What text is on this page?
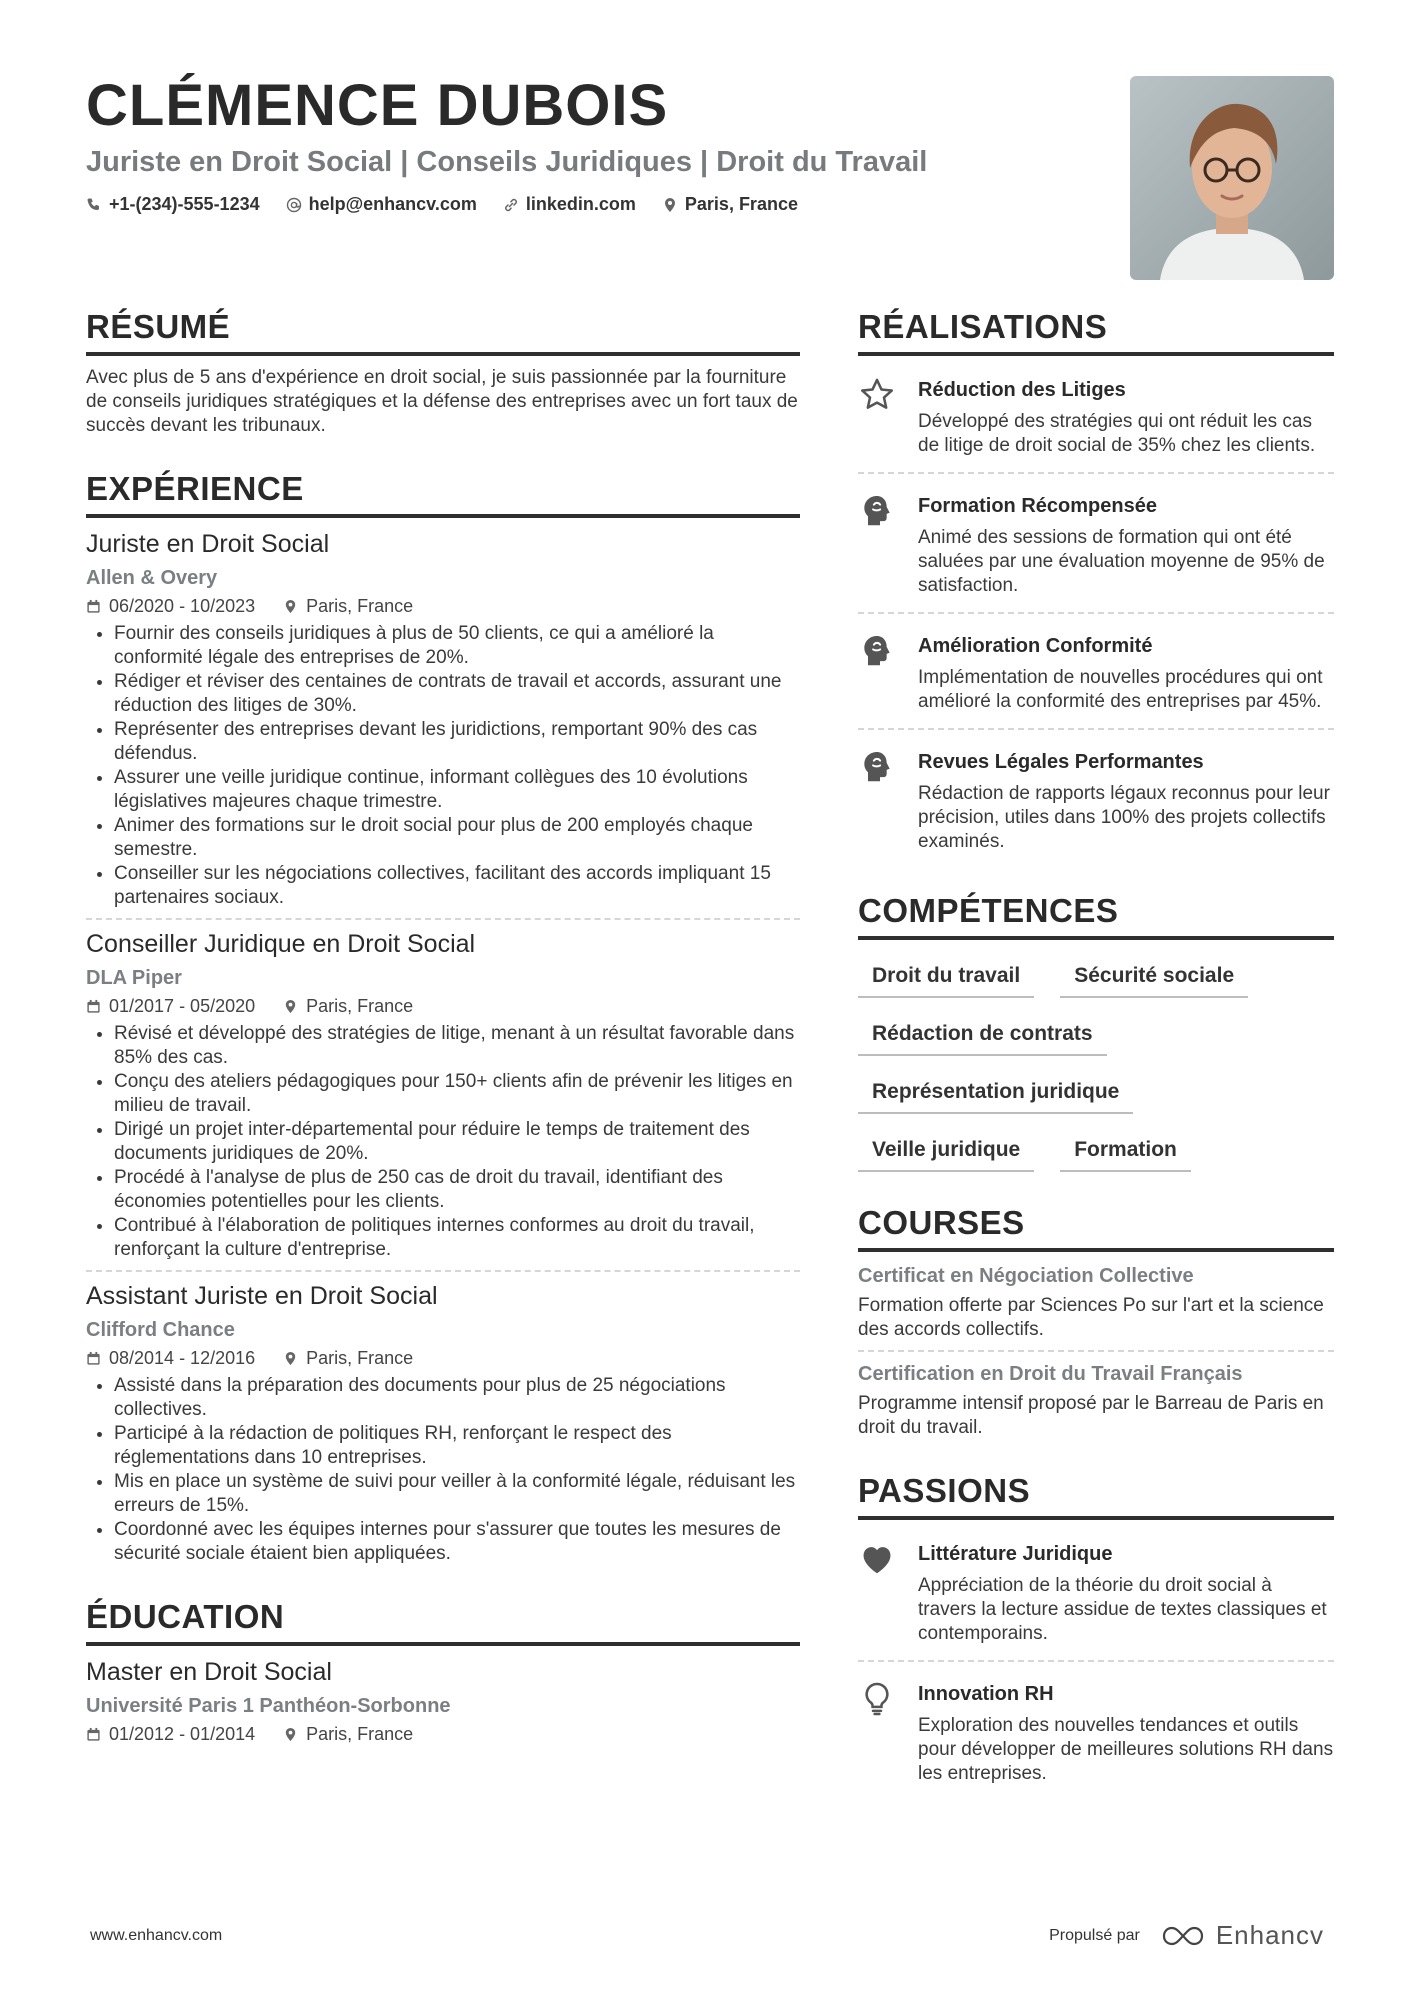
CLÉMENCE DUBOIS
Juriste en Droit Social | Conseils Juridiques | Droit du Travail
+1-(234)-555-1234	help@enhancv.com	linkedin.com	Paris, France
RÉSUMÉ

Avec plus de 5 ans d'expérience en droit social, je suis passionnée par la fourniture de conseils juridiques stratégiques et la défense des entreprises avec un fort taux de succès devant les tribunaux.

EXPÉRIENCE
Juriste en Droit Social
Allen & Overy
06/2020 - 10/2023	Paris, France
• Fournir des conseils juridiques à plus de 50 clients, ce qui a amélioré la conformité légale des entreprises de 20%.
• Rédiger et réviser des centaines de contrats de travail et accords, assurant une réduction des litiges de 30%.
• Représenter des entreprises devant les juridictions, remportant 90% des cas défendus.
• Assurer une veille juridique continue, informant collègues des 10 évolutions législatives majeures chaque trimestre.
• Animer des formations sur le droit social pour plus de 200 employés chaque semestre.
• Conseiller sur les négociations collectives, facilitant des accords impliquant 15 partenaires sociaux.
Conseiller Juridique en Droit Social
DLA Piper
01/2017 - 05/2020	Paris, France
• Révisé et développé des stratégies de litige, menant à un résultat favorable dans 85% des cas.
• Conçu des ateliers pédagogiques pour 150+ clients afin de prévenir les litiges en milieu de travail.
• Dirigé un projet inter-départemental pour réduire le temps de traitement des documents juridiques de 20%.
• Procédé à l'analyse de plus de 250 cas de droit du travail, identifiant des économies potentielles pour les clients.
• Contribué à l'élaboration de politiques internes conformes au droit du travail, renforçant la culture d'entreprise.
Assistant Juriste en Droit Social
Clifford Chance
08/2014 - 12/2016	Paris, France
• Assisté dans la préparation des documents pour plus de 25 négociations collectives.
• Participé à la rédaction de politiques RH, renforçant le respect des réglementations dans 10 entreprises.
• Mis en place un système de suivi pour veiller à la conformité légale, réduisant les erreurs de 15%.
• Coordonné avec les équipes internes pour s'assurer que toutes les mesures de sécurité sociale étaient bien appliquées.
ÉDUCATION
Master en Droit Social
Université Paris 1 Panthéon-Sorbonne
01/2012 - 01/2014	Paris, France
RÉALISATIONS
Réduction des Litiges
Développé des stratégies qui ont réduit les cas de litige de droit social de 35% chez les clients.
Formation Récompensée
Animé des sessions de formation qui ont été saluées par une évaluation moyenne de 95% de satisfaction.
Amélioration Conformité
Implémentation de nouvelles procédures qui ont amélioré la conformité des entreprises par 45%.
Revues Légales Performantes
Rédaction de rapports légaux reconnus pour leur précision, utiles dans 100% des projets collectifs examinés.
COMPÉTENCES
Droit du travail	Sécurité sociale
Rédaction de contrats
Représentation juridique
Veille juridique	Formation
COURSES
Certificat en Négociation Collective
Formation offerte par Sciences Po sur l'art et la science des accords collectifs.
Certification en Droit du Travail Français
Programme intensif proposé par le Barreau de Paris en droit du travail.
PASSIONS
Littérature Juridique
Appréciation de la théorie du droit social à travers la lecture assidue de textes classiques et contemporains.
Innovation RH
Exploration des nouvelles tendances et outils pour développer de meilleures solutions RH dans les entreprises.
www.enhancv.com	Propulsé par	Enhancv
